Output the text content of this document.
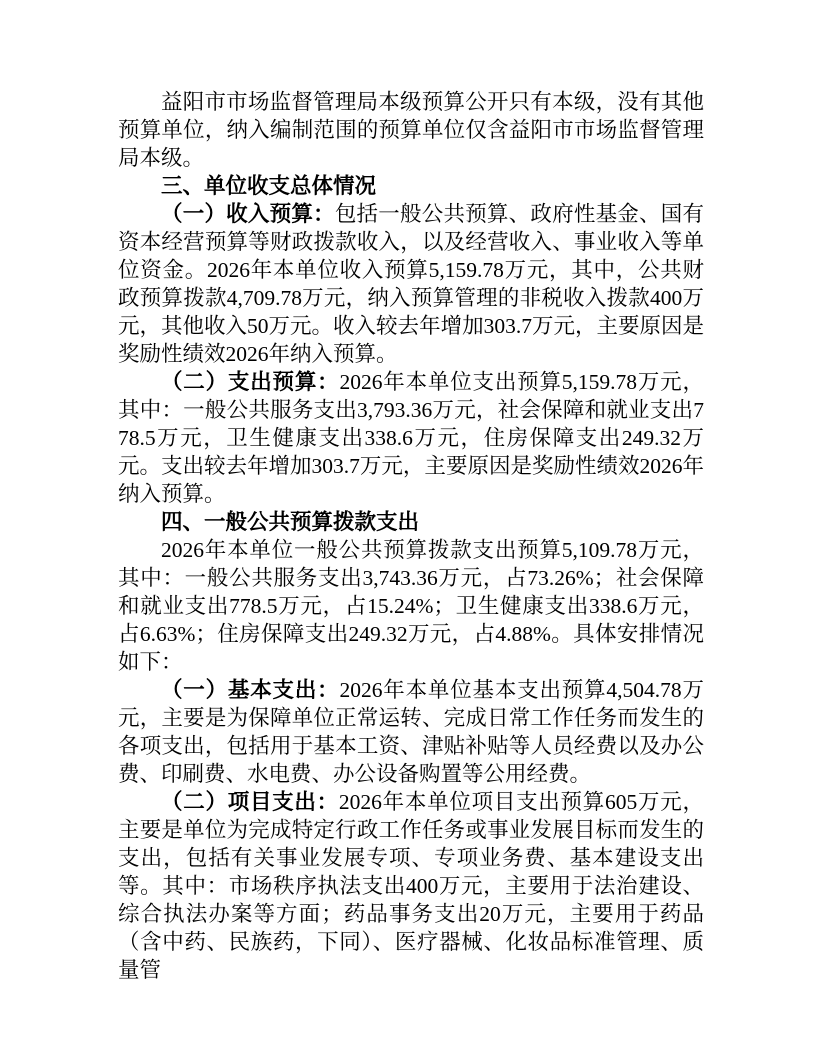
益阳市市场监督管理局本级预算公开只有本级，没有其他预算单位，纳入编制范围的预算单位仅含益阳市市场监督管理局本级。

三、单位收支总体情况

（一）收入预算：包括一般公共预算、政府性基金、国有资本经营预算等财政拨款收入，以及经营收入、事业收入等单位资金。2026年本单位收入预算5,159.78万元，其中，公共财政预算拨款4,709.78万元，纳入预算管理的非税收入拨款400万元，其他收入50万元。收入较去年增加303.7万元，主要原因是奖励性绩效2026年纳入预算。

（二）支出预算：2026年本单位支出预算5,159.78万元，其中：一般公共服务支出3,793.36万元，社会保障和就业支出778.5万元，卫生健康支出338.6万元，住房保障支出249.32万元。支出较去年增加303.7万元，主要原因是奖励性绩效2026年纳入预算。

四、一般公共预算拨款支出

2026年本单位一般公共预算拨款支出预算5,109.78万元，其中：一般公共服务支出3,743.36万元，占73.26%；社会保障和就业支出778.5万元，占15.24%；卫生健康支出338.6万元，占6.63%；住房保障支出249.32万元，占4.88%。具体安排情况如下：

（一）基本支出：2026年本单位基本支出预算4,504.78万元，主要是为保障单位正常运转、完成日常工作任务而发生的各项支出，包括用于基本工资、津贴补贴等人员经费以及办公费、印刷费、水电费、办公设备购置等公用经费。

（二）项目支出：2026年本单位项目支出预算605万元，主要是单位为完成特定行政工作任务或事业发展目标而发生的支出，包括有关事业发展专项、专项业务费、基本建设支出等。其中：市场秩序执法支出400万元，主要用于法治建设、综合执法办案等方面；药品事务支出20万元，主要用于药品（含中药、民族药，下同）、医疗器械、化妆品标准管理、质量管
